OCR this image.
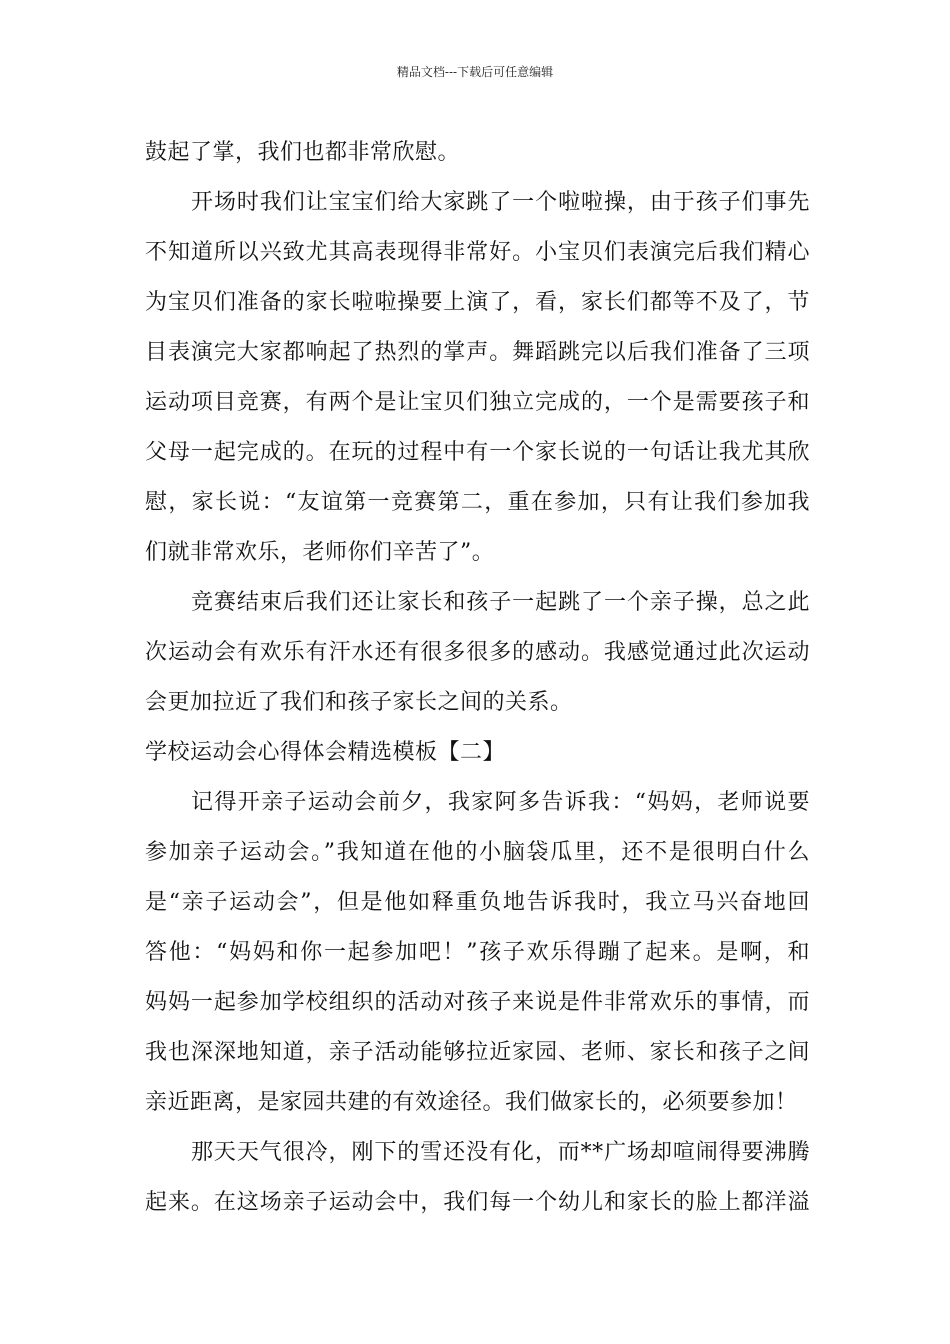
精品文档---下载后可任意编辑
鼓起了掌，我们也都非常欣慰。
开场时我们让宝宝们给大家跳了一个啦啦操，由于孩子们事先
不知道所以兴致尤其高表现得非常好。小宝贝们表演完后我们精心
为宝贝们准备的家长啦啦操要上演了，看，家长们都等不及了，节
目表演完大家都响起了热烈的掌声。舞蹈跳完以后我们准备了三项
运动项目竞赛，有两个是让宝贝们独立完成的，一个是需要孩子和
父母一起完成的。在玩的过程中有一个家长说的一句话让我尤其欣
慰，家长说：“友谊第一竞赛第二，重在参加，只有让我们参加我
们就非常欢乐，老师你们辛苦了”。
竞赛结束后我们还让家长和孩子一起跳了一个亲子操，总之此
次运动会有欢乐有汗水还有很多很多的感动。我感觉通过此次运动
会更加拉近了我们和孩子家长之间的关系。
学校运动会心得体会精选模板【二】
记得开亲子运动会前夕，我家阿多告诉我：“妈妈，老师说要
参加亲子运动会。”我知道在他的小脑袋瓜里，还不是很明白什么
是“亲子运动会”，但是他如释重负地告诉我时，我立马兴奋地回
答他：“妈妈和你一起参加吧！”孩子欢乐得蹦了起来。是啊，和
妈妈一起参加学校组织的活动对孩子来说是件非常欢乐的事情，而
我也深深地知道，亲子活动能够拉近家园、老师、家长和孩子之间
亲近距离，是家园共建的有效途径。我们做家长的，必须要参加！
那天天气很冷，刚下的雪还没有化，而**广场却喧闹得要沸腾
起来。在这场亲子运动会中，我们每一个幼儿和家长的脸上都洋溢
